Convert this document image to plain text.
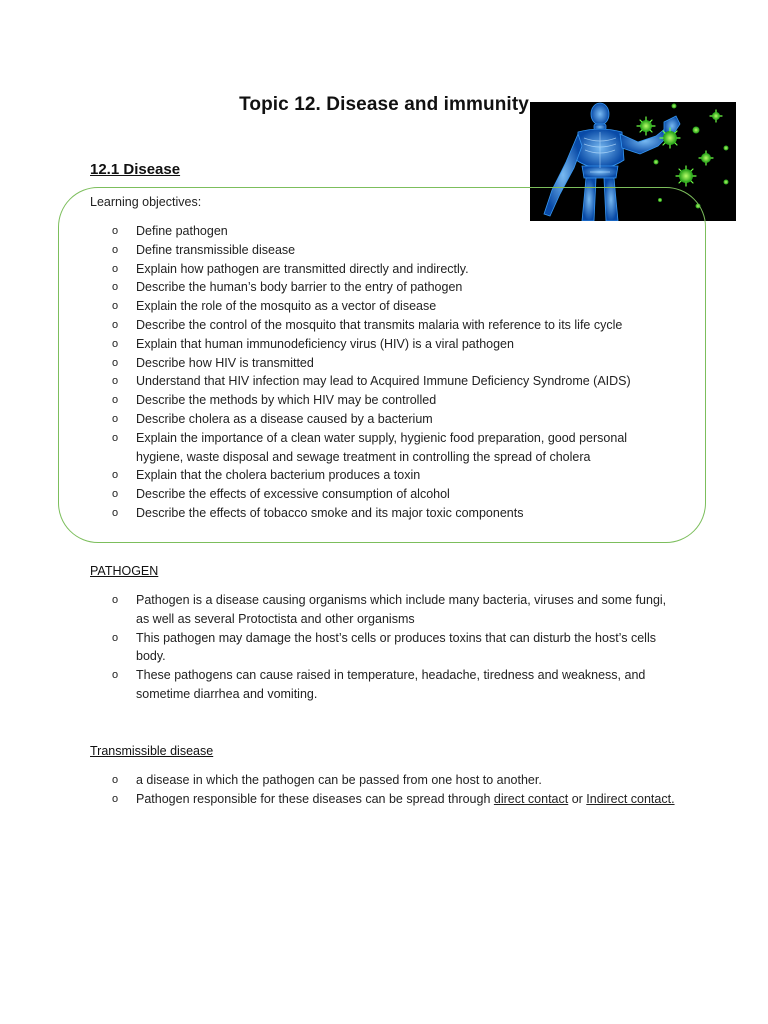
Topic 12. Disease and immunity
12.1 Disease
Learning objectives:
o Define pathogen
o Define transmissible disease
o Explain how pathogen are transmitted directly and indirectly.
o Describe the human’s body barrier to the entry of pathogen
o Explain the role of the mosquito as a vector of disease
o Describe the control of the mosquito that transmits malaria with reference to its life cycle
o Explain that human immunodeficiency virus (HIV) is a viral pathogen
o Describe how HIV is transmitted
o Understand that HIV infection may lead to Acquired Immune Deficiency Syndrome (AIDS)
o Describe the methods by which HIV may be controlled
o Describe cholera as a disease caused by a bacterium
o Explain the importance of a clean water supply, hygienic food preparation, good personal hygiene, waste disposal and sewage treatment in controlling the spread of cholera
o Explain that the cholera bacterium produces a toxin
o Describe the effects of excessive consumption of alcohol
o Describe the effects of tobacco smoke and its major toxic components
PATHOGEN
o Pathogen is a disease causing organisms which include many bacteria, viruses and some fungi, as well as several Protoctista and other organisms
o This pathogen may damage the host’s cells or produces toxins that can disturb the host’s cells body.
o These pathogens can cause raised in temperature, headache, tiredness and weakness, and sometime diarrhea and vomiting.
Transmissible disease
o a disease in which the pathogen can be passed from one host to another.
o Pathogen responsible for these diseases can be spread through direct contact or Indirect contact.
